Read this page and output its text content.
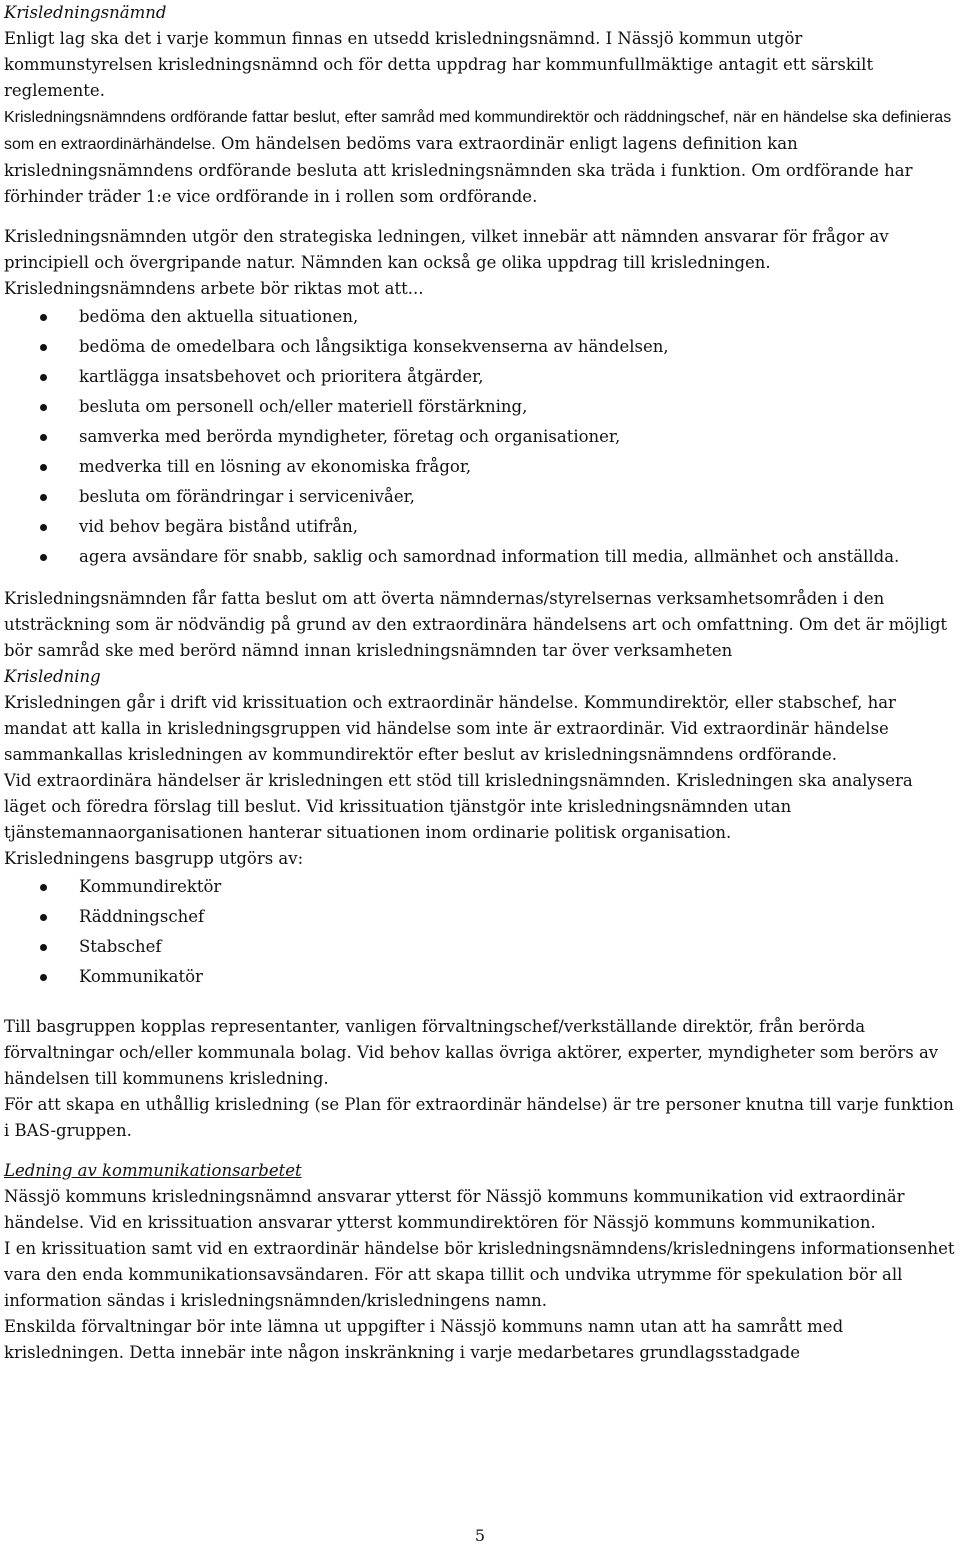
Krisledningsnämnd
Enligt lag ska det i varje kommun finnas en utsedd krisledningsnämnd. I Nässjö kommun utgör kommunstyrelsen krisledningsnämnd och för detta uppdrag har kommunfullmäktige antagit ett särskilt reglemente.
Krisledningsnämndens ordförande fattar beslut, efter samråd med kommundirektör och räddningschef, när en händelse ska definieras som en extraordinärhändelse. Om händelsen bedöms vara extraordinär enligt lagens definition kan krisledningsnämndens ordförande besluta att krisledningsnämnden ska träda i funktion. Om ordförande har förhinder träder 1:e vice ordförande in i rollen som ordförande.
Krisledningsnämnden utgör den strategiska ledningen, vilket innebär att nämnden ansvarar för frågor av principiell och övergripande natur. Nämnden kan också ge olika uppdrag till krisledningen. Krisledningsnämndens arbete bör riktas mot att...
bedöma den aktuella situationen,
bedöma de omedelbara och långsiktiga konsekvenserna av händelsen,
kartlägga insatsbehovet och prioritera åtgärder,
besluta om personell och/eller materiell förstärkning,
samverka med berörda myndigheter, företag och organisationer,
medverka till en lösning av ekonomiska frågor,
besluta om förändringar i servicenivåer,
vid behov begära bistånd utifrån,
agera avsändare för snabb, saklig och samordnad information till media, allmänhet och anställda.
Krisledningsnämnden får fatta beslut om att överta nämndernas/styrelsernas verksamhetsområden i den utsträckning som är nödvändig på grund av den extraordinära händelsens art och omfattning. Om det är möjligt bör samråd ske med berörd nämnd innan krisledningsnämnden tar över verksamheten
Krisledning
Krisledningen går i drift vid krissituation och extraordinär händelse. Kommundirektör, eller stabschef, har mandat att kalla in krisledningsgruppen vid händelse som inte är extraordinär. Vid extraordinär händelse sammankallas krisledningen av kommundirektör efter beslut av krisledningsnämndens ordförande.
Vid extraordinära händelser är krisledningen ett stöd till krisledningsnämnden. Krisledningen ska analysera läget och föredra förslag till beslut. Vid krissituation tjänstgör inte krisledningsnämnden utan tjänstemannaorganisationen hanterar situationen inom ordinarie politisk organisation.
Krisledningens basgrupp utgörs av:
Kommundirektör
Räddningschef
Stabschef
Kommunikatör
Till basgruppen kopplas representanter, vanligen förvaltningschef/verkställande direktör, från berörda förvaltningar och/eller kommunala bolag. Vid behov kallas övriga aktörer, experter, myndigheter som berörs av händelsen till kommunens krisledning.
För att skapa en uthållig krisledning (se Plan för extraordinär händelse) är tre personer knutna till varje funktion i BAS-gruppen.
Ledning av kommunikationsarbetet
Nässjö kommuns krisledningsnämnd ansvarar ytterst för Nässjö kommuns kommunikation vid extraordinär händelse. Vid en krissituation ansvarar ytterst kommundirektören för Nässjö kommuns kommunikation.
I en krissituation samt vid en extraordinär händelse bör krisledningsnämndens/krisledningens informationsenhet vara den enda kommunikationsavsändaren. För att skapa tillit och undvika utrymme för spekulation bör all information sändas i krisledningsnämnden/krisledningens namn.
Enskilda förvaltningar bör inte lämna ut uppgifter i Nässjö kommuns namn utan att ha samrått med krisledningen. Detta innebär inte någon inskränkning i varje medarbetares grundlagsstadgade
5
